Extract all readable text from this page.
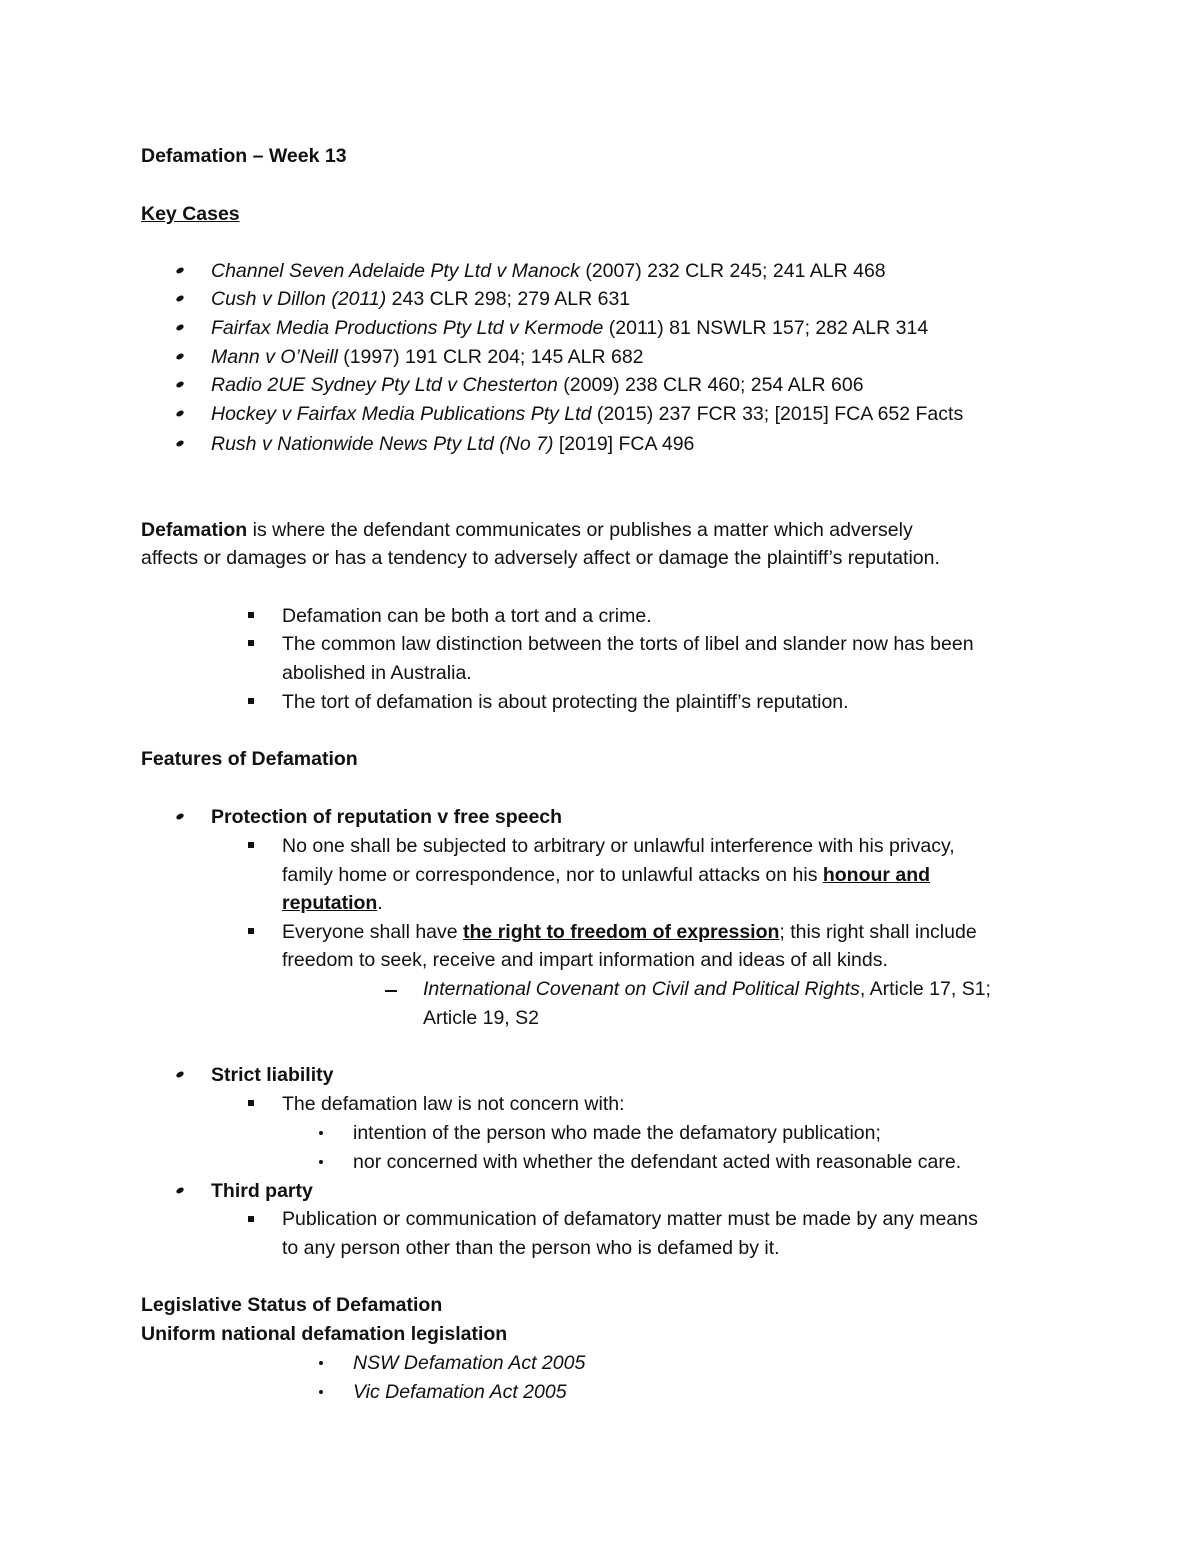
Defamation – Week 13
Key Cases
Channel Seven Adelaide Pty Ltd v Manock (2007) 232 CLR 245; 241 ALR 468
Cush v Dillon (2011) 243 CLR 298; 279 ALR 631
Fairfax Media Productions Pty Ltd v Kermode (2011) 81 NSWLR 157; 282 ALR 314
Mann v O’Neill (1997) 191 CLR 204; 145 ALR 682
Radio 2UE Sydney Pty Ltd v Chesterton (2009) 238 CLR 460; 254 ALR 606
Hockey v Fairfax Media Publications Pty Ltd (2015) 237 FCR 33; [2015] FCA 652 Facts
Rush v Nationwide News Pty Ltd (No 7) [2019] FCA 496
Defamation is where the defendant communicates or publishes a matter which adversely
affects or damages or has a tendency to adversely affect or damage the plaintiff’s reputation.
Defamation can be both a tort and a crime.
The common law distinction between the torts of libel and slander now has been
abolished in Australia.
The tort of defamation is about protecting the plaintiff’s reputation.
Features of Defamation
Protection of reputation v free speech
No one shall be subjected to arbitrary or unlawful interference with his privacy,
family home or correspondence, nor to unlawful attacks on his honour and
reputation.
Everyone shall have the right to freedom of expression; this right shall include
freedom to seek, receive and impart information and ideas of all kinds.
International Covenant on Civil and Political Rights, Article 17, S1;
Article 19, S2
Strict liability
The defamation law is not concern with:
intention of the person who made the defamatory publication;
nor concerned with whether the defendant acted with reasonable care.
Third party
Publication or communication of defamatory matter must be made by any means
to any person other than the person who is defamed by it.
Legislative Status of Defamation
Uniform national defamation legislation
NSW Defamation Act 2005
Vic Defamation Act 2005
